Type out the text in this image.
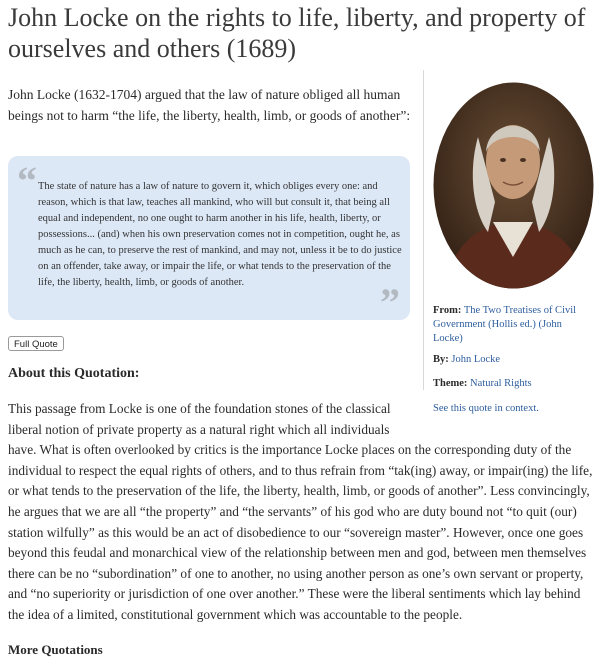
John Locke on the rights to life, liberty, and property of ourselves and others (1689)

John Locke (1632-1704) argued that the law of nature obliged all human beings not to harm “the life, the liberty, health, limb, or goods of another”:

“ The state of nature has a law of nature to govern it, which obliges every one: and reason, which is that law, teaches all mankind, who will but consult it, that being all equal and independent, no one ought to harm another in his life, health, liberty, or possessions... (and) when his own preservation comes not in competition, ought he, as much as he can, to preserve the rest of mankind, and may not, unless it be to do justice on an offender, take away, or impair the life, or what tends to the preservation of the life, the liberty, health, limb, or goods of another.	”
Full Quote
About this Quotation:
From: The Two Treatises of Civil Government (Hollis ed.) (John Locke)
By: John Locke
Theme: Natural Rights
See this quote in context.
This passage from Locke is one of the foundation stones of the classical liberal notion of private property as a natural right which all individuals have. What is often overlooked by critics is the importance Locke places on the corresponding duty of the individual to respect the equal rights of others, and to thus refrain from “tak(ing) away, or impair(ing) the life, or what tends to the preservation of the life, the liberty, health, limb, or goods of another”. Less convincingly, he argues that we are all “the property” and “the servants” of his god who are duty bound not “to quit (our) station wilfully” as this would be an act of disobedience to our “sovereign master”. However, once one goes beyond this feudal and monarchical view of the relationship between men and god, between men themselves there can be no “subordination” of one to another, no using another person as one’s own servant or property, and “no superiority or jurisdiction of one over another.” These were the liberal sentiments which lay behind the idea of a limited, constitutional government which was accountable to the people.
More Quotations
